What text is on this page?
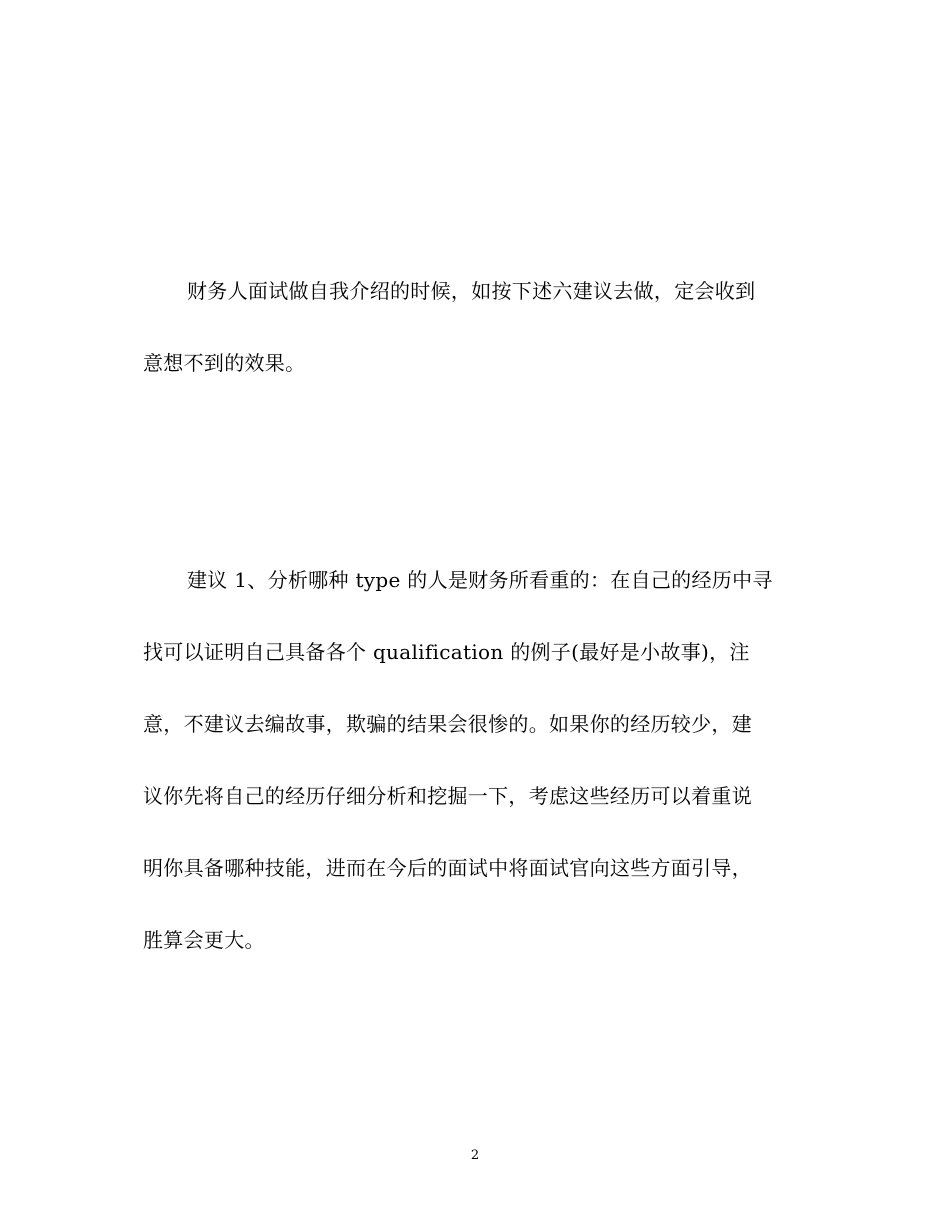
财务人面试做自我介绍的时候，如按下述六建议去做，定会收到
意想不到的效果。
建议 1、分析哪种 type 的人是财务所看重的：在自己的经历中寻
找可以证明自己具备各个 qualification 的例子(最好是小故事)，注
意，不建议去编故事，欺骗的结果会很惨的。如果你的经历较少，建
议你先将自己的经历仔细分析和挖掘一下，考虑这些经历可以着重说
明你具备哪种技能，进而在今后的面试中将面试官向这些方面引导，
胜算会更大。
2
